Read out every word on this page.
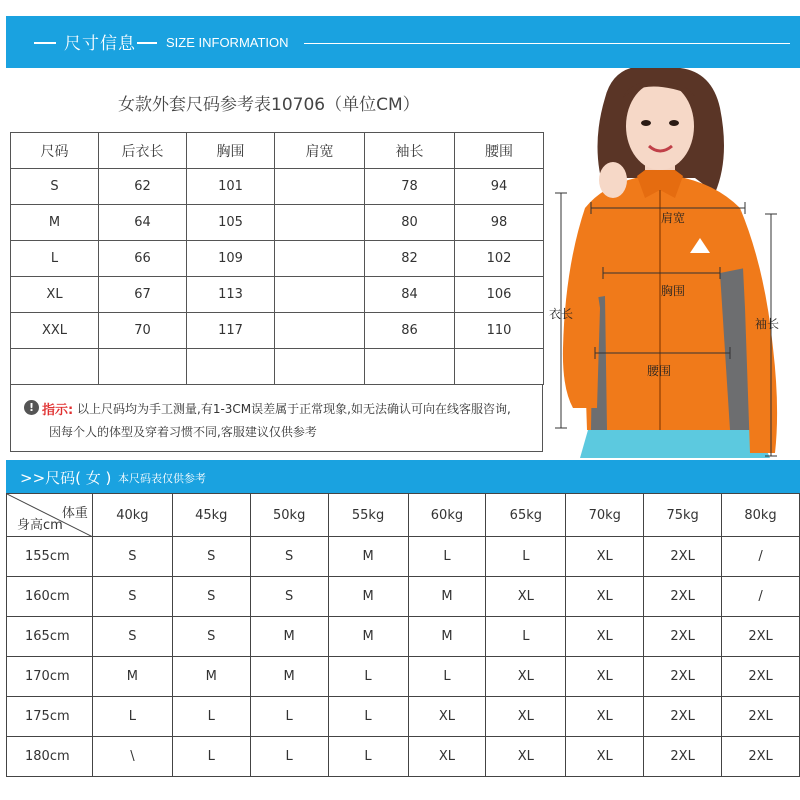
尺寸信息 SIZE INFORMATION
女款外套尺码参考表10706（单位CM）
尺码	后衣长	胸围	肩宽	袖长	腰围
S	62	101		78	94
M	64	105		80	98
L	66	109		82	102
XL	67	113		84	106
XXL	70	117		86	110

! 指示: 以上尺码均为手工测量,有1-3CM误差属于正常现象,如无法确认可向在线客服咨询,
因每个人的体型及穿着习惯不同,客服建议仅供参考
肩宽
胸围
衣长
袖长
腰围
>>尺码( 女 ) 本尺码表仅供参考
体重
身高cm	40kg	45kg	50kg	55kg	60kg	65kg	70kg	75kg	80kg
155cm	S	S	S	M	L	L	XL	2XL	/
160cm	S	S	S	M	M	XL	XL	2XL	/
165cm	S	S	M	M	M	L	XL	2XL	2XL
170cm	M	M	M	L	L	XL	XL	2XL	2XL
175cm	L	L	L	L	XL	XL	XL	2XL	2XL
180cm	\	L	L	L	XL	XL	XL	2XL	2XL
